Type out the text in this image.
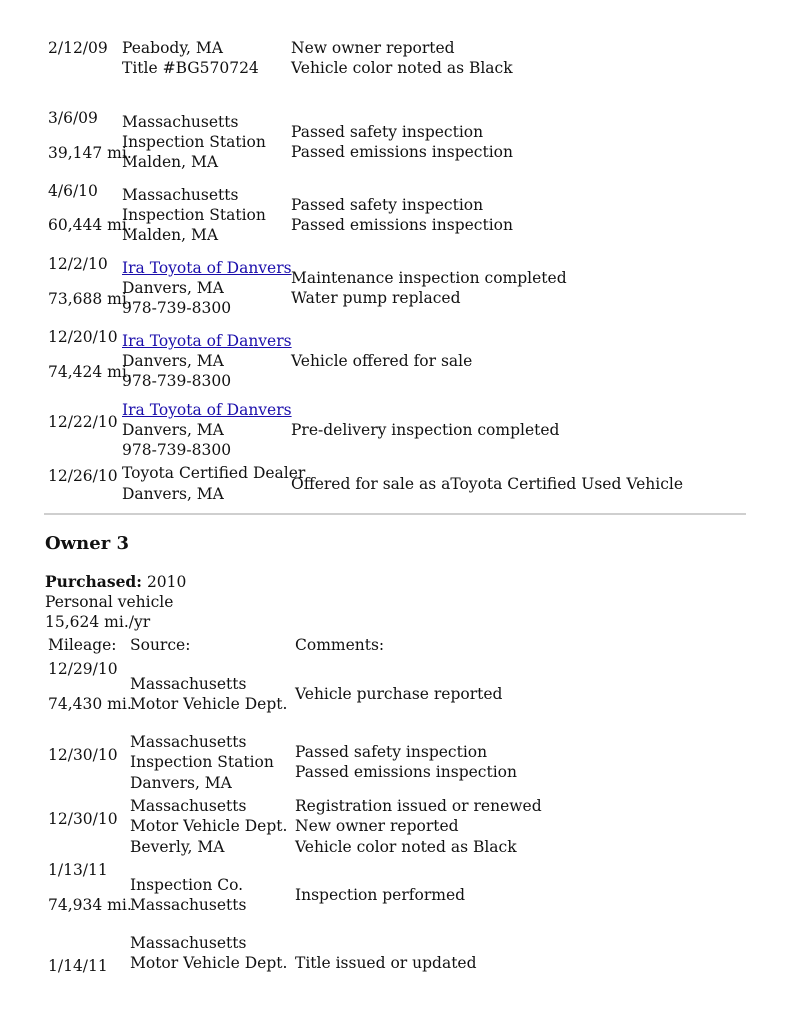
2/12/09 Peabody, MA
Title #BG570724
New owner reported
Vehicle color noted as Black
3/6/09
39,147 mi.
Massachusetts
Inspection Station
Malden, MA
Passed safety inspection
Passed emissions inspection
4/6/10
60,444 mi.
Massachusetts
Inspection Station
Malden, MA
Passed safety inspection
Passed emissions inspection
12/2/10
73,688 mi.
Ira Toyota of Danvers
Danvers, MA
978-739-8300
Maintenance inspection completed
Water pump replaced
12/20/10
74,424 mi.
Ira Toyota of Danvers
Danvers, MA
978-739-8300
Vehicle offered for sale
12/22/10
Ira Toyota of Danvers
Danvers, MA
978-739-8300
Pre-delivery inspection completed
12/26/10 Toyota Certified Dealer
Danvers, MA
Offered for sale as aToyota Certified Used Vehicle
Owner 3
Purchased: 2010
Personal vehicle
15,624 mi./yr
Mileage: Source:	Comments:
12/29/10
74,430 mi.
Massachusetts
Motor Vehicle Dept.
Vehicle purchase reported
12/30/10
Massachusetts
Inspection Station
Danvers, MA
Passed safety inspection
Passed emissions inspection
12/30/10
Massachusetts
Motor Vehicle Dept.
Beverly, MA
Registration issued or renewed
New owner reported
Vehicle color noted as Black
1/13/11
74,934 mi.
Inspection Co.
Massachusetts
Inspection performed
1/14/11
Massachusetts
Motor Vehicle Dept. Title issued or updated
